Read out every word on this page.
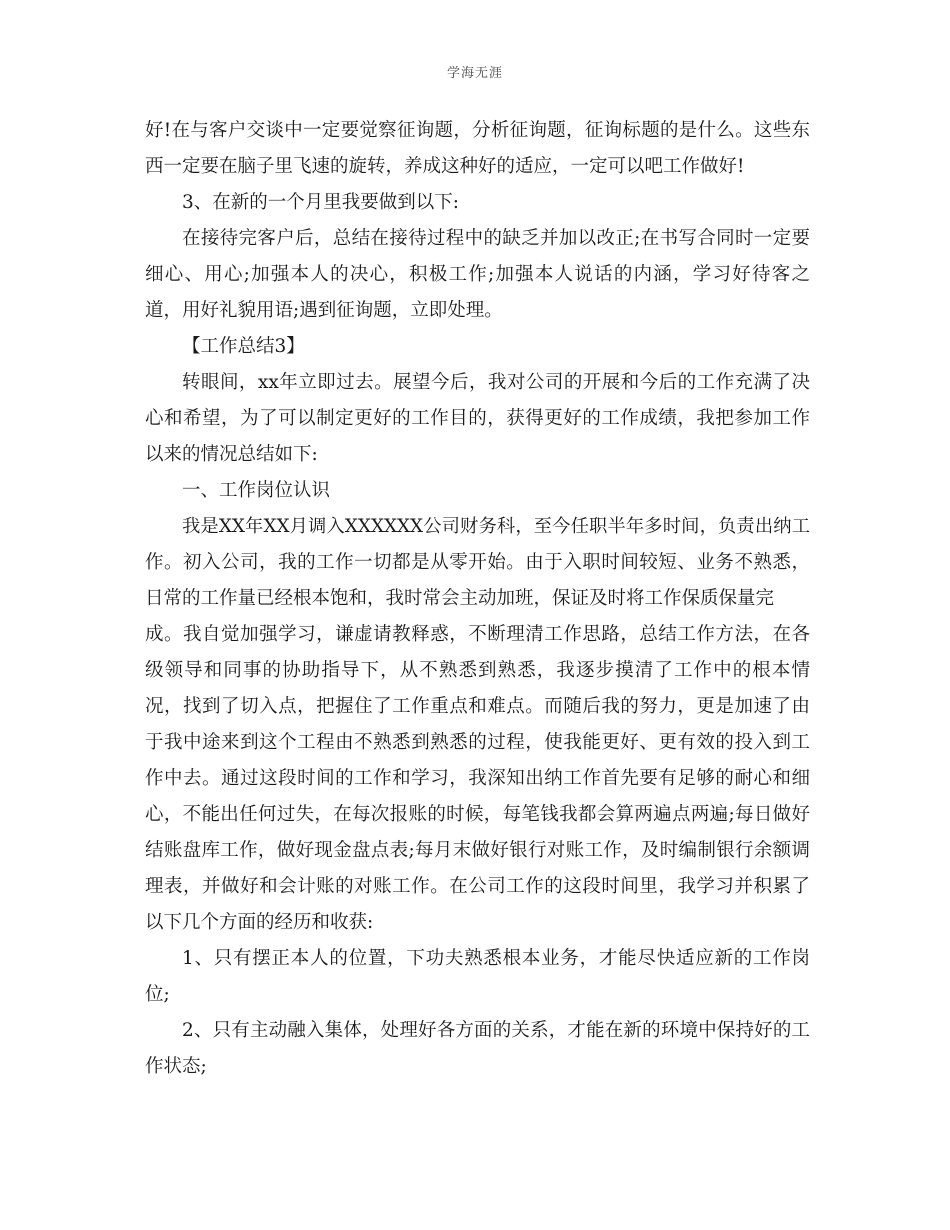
学海无涯
好!在与客户交谈中一定要觉察征询题，分析征询题，征询标题的是什么。这些东
西一定要在脑子里飞速的旋转，养成这种好的适应，一定可以吧工作做好!
3、在新的一个月里我要做到以下:
在接待完客户后，总结在接待过程中的缺乏并加以改正;在书写合同时一定要
细心、用心;加强本人的决心，积极工作;加强本人说话的内涵，学习好待客之
道，用好礼貌用语;遇到征询题，立即处理。
【工作总结3】
转眼间，xx年立即过去。展望今后，我对公司的开展和今后的工作充满了决
心和希望，为了可以制定更好的工作目的，获得更好的工作成绩，我把参加工作
以来的情况总结如下:
一、工作岗位认识
我是XX年XX月调入XXXXXX公司财务科，至今任职半年多时间，负责出纳工
作。初入公司，我的工作一切都是从零开始。由于入职时间较短、业务不熟悉，
日常的工作量已经根本饱和，我时常会主动加班，保证及时将工作保质保量完
成。我自觉加强学习，谦虚请教释惑，不断理清工作思路，总结工作方法，在各
级领导和同事的协助指导下，从不熟悉到熟悉，我逐步摸清了工作中的根本情
况，找到了切入点，把握住了工作重点和难点。而随后我的努力，更是加速了由
于我中途来到这个工程由不熟悉到熟悉的过程，使我能更好、更有效的投入到工
作中去。通过这段时间的工作和学习，我深知出纳工作首先要有足够的耐心和细
心，不能出任何过失，在每次报账的时候，每笔钱我都会算两遍点两遍;每日做好
结账盘库工作，做好现金盘点表;每月末做好银行对账工作，及时编制银行余额调
理表，并做好和会计账的对账工作。在公司工作的这段时间里，我学习并积累了
以下几个方面的经历和收获:
1、只有摆正本人的位置，下功夫熟悉根本业务，才能尽快适应新的工作岗
位;
2、只有主动融入集体，处理好各方面的关系，才能在新的环境中保持好的工
作状态;
